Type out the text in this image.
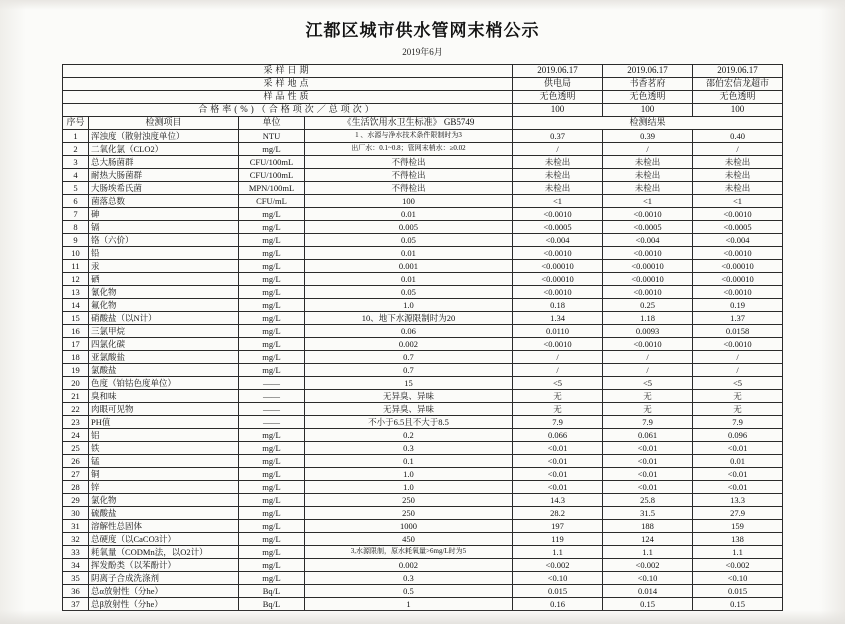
江都区城市供水管网末梢公示
2019年6月
采样日期				2019.06.17	2019.06.17	2019.06.17
采样地点				供电局	书香茗府	邵伯宏信龙超市
样品性质				无色透明	无色透明	无色透明
合格率(%)（合格项次／总项次）				100	100	100
序号	检测项目	单位	《生活饮用水卫生标准》 GB5749	检测结果		
1	浑浊度（散射浊度单位）	NTU	1 、水源与净水技术条件限制时为3	0.37	0.39	0.40
2	二氧化氯（CLO2）	mg/L	出厂水：0.1~0.8；管网末梢水：≥0.02	/	/	/
3	总大肠菌群	CFU/100mL	不得检出	未检出	未检出	未检出
4	耐热大肠菌群	CFU/100mL	不得检出	未检出	未检出	未检出
5	大肠埃希氏菌	MPN/100mL	不得检出	未检出	未检出	未检出
6	菌落总数	CFU/mL	100	<1	<1	<1
7	砷	mg/L	0.01	<0.0010	<0.0010	<0.0010
8	镉	mg/L	0.005	<0.0005	<0.0005	<0.0005
9	铬（六价）	mg/L	0.05	<0.004	<0.004	<0.004
10	铅	mg/L	0.01	<0.0010	<0.0010	<0.0010
11	汞	mg/L	0.001	<0.00010	<0.00010	<0.00010
12	硒	mg/L	0.01	<0.00010	<0.00010	<0.00010
13	氰化物	mg/L	0.05	<0.0010	<0.0010	<0.0010
14	氟化物	mg/L	1.0	0.18	0.25	0.19
15	硝酸盐（以N计）	mg/L	10、地下水源限制时为20	1.34	1.18	1.37
16	三氯甲烷	mg/L	0.06	0.0110	0.0093	0.0158
17	四氯化碳	mg/L	0.002	<0.0010	<0.0010	<0.0010
18	亚氯酸盐	mg/L	0.7	/	/	/
19	氯酸盐	mg/L	0.7	/	/	/
20	色度（铂钴色度单位）	——	15	<5	<5	<5
21	臭和味	——	无异臭、异味	无	无	无
22	肉眼可见物	——	无异臭、异味	无	无	无
23	PH值	——	不小于6.5且不大于8.5	7.9	7.9	7.9
24	铝	mg/L	0.2	0.066	0.061	0.096
25	铁	mg/L	0.3	<0.01	<0.01	<0.01
26	锰	mg/L	0.1	<0.01	<0.01	0.01
27	铜	mg/L	1.0	<0.01	<0.01	<0.01
28	锌	mg/L	1.0	<0.01	<0.01	<0.01
29	氯化物	mg/L	250	14.3	25.8	13.3
30	硫酸盐	mg/L	250	28.2	31.5	27.9
31	溶解性总固体	mg/L	1000	197	188	159
32	总硬度（以CaCO3计）	mg/L	450	119	124	138
33	耗氧量（CODMn法，以O2计）	mg/L	3,水源限制，原水耗氧量>6mg/L时为5	1.1	1.1	1.1
34	挥发酚类（以苯酚计）	mg/L	0.002	<0.002	<0.002	<0.002
35	阴离子合成洗涤剂	mg/L	0.3	<0.10	<0.10	<0.10
36	总α放射性（分he）	Bq/L	0.5	0.015	0.014	0.015
37	总β放射性（分he）	Bq/L	1	0.16	0.15	0.15
